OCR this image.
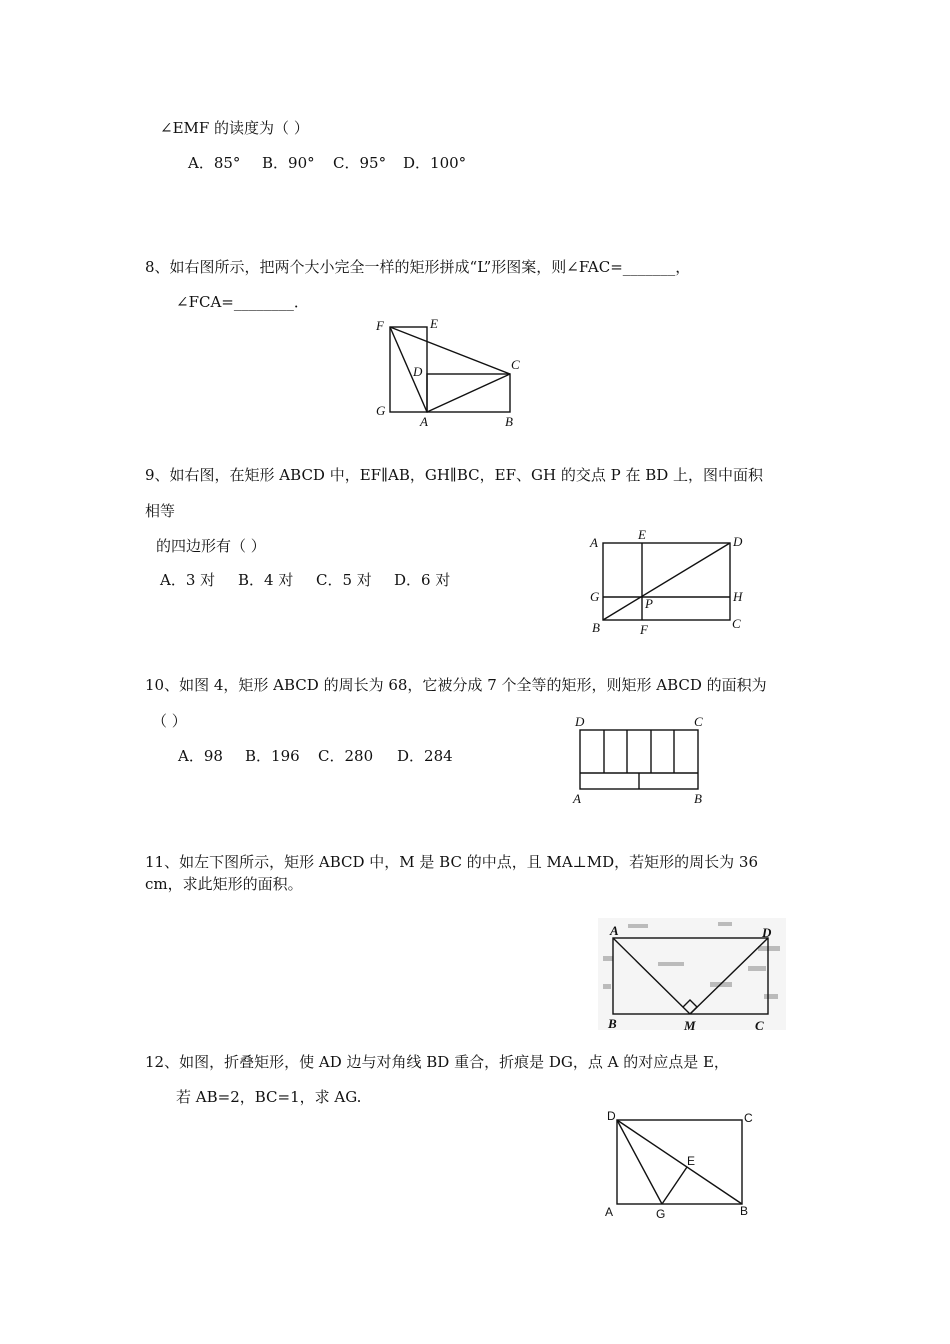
∠EMF 的读度为（ ）
A．85° B．90° C．95° D．100°
8、如右图所示，把两个大小完全一样的矩形拼成“L”形图案，则∠FAC=_______，
∠FCA=________．
F	E
D	C
G
A	B
9、如右图，在矩形 ABCD 中，EF∥AB，GH∥BC，EF、GH 的交点 P 在 BD 上，图中面积
相等
的四边形有（ ）
A．3 对 B．4 对 C．5 对 D．6 对
A
E	D
G	P	H
B	F	C
10、如图 4，矩形 ABCD 的周长为 68，它被分成 7 个全等的矩形，则矩形 ABCD 的面积为
（ ）
A．98 B．196 C．280 D．284
D	C
A	B
11、如左下图所示，矩形 ABCD 中，M 是 BC 的中点，且 MA⊥MD，若矩形的周长为 36
cm，求此矩形的面积。
A	D
B	M	C
12、如图，折叠矩形，使 AD 边与对角线 BD 重合，折痕是 DG，点 A 的对应点是 E，
若 AB=2，BC=1，求 AG.
D	C
E
A	G	B
